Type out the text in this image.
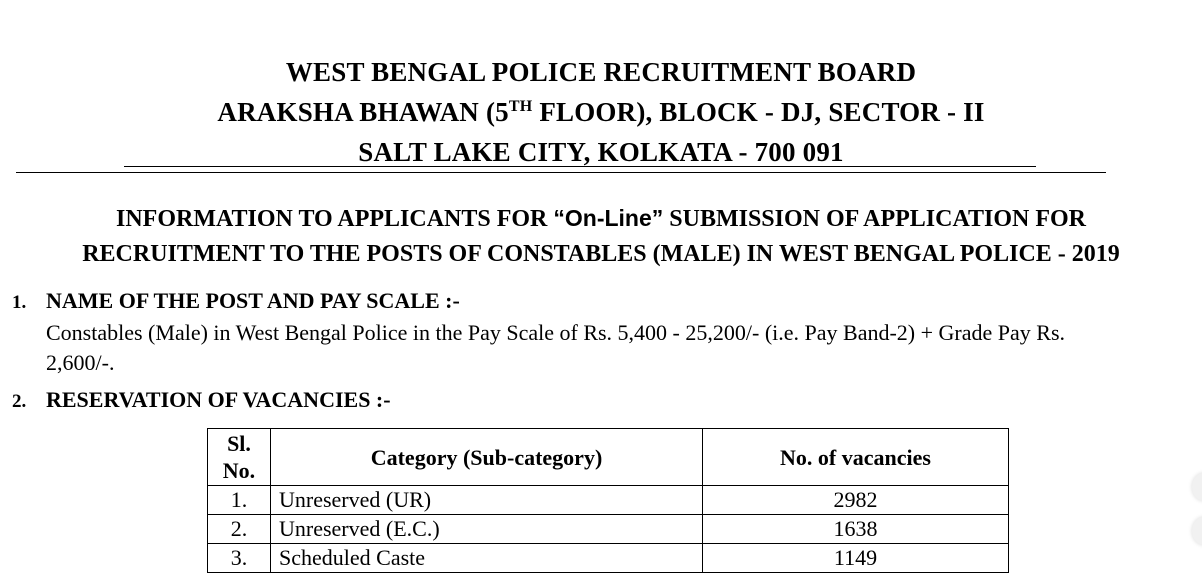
WEST BENGAL POLICE RECRUITMENT BOARD
ARAKSHA BHAWAN (5TH FLOOR), BLOCK - DJ, SECTOR - II
SALT LAKE CITY, KOLKATA - 700 091
INFORMATION TO APPLICANTS FOR “On-Line” SUBMISSION OF APPLICATION FOR
RECRUITMENT TO THE POSTS OF CONSTABLES (MALE) IN WEST BENGAL POLICE - 2019
1. NAME OF THE POST AND PAY SCALE :-
Constables (Male) in West Bengal Police in the Pay Scale of Rs. 5,400 - 25,200/- (i.e. Pay Band-2) + Grade Pay Rs.
2,600/-.
2. RESERVATION OF VACANCIES :-
Sl.
No.	Category (Sub-category)	No. of vacancies
1.	Unreserved (UR)	2982
2.	Unreserved (E.C.)	1638
3.	Scheduled Caste	1149
